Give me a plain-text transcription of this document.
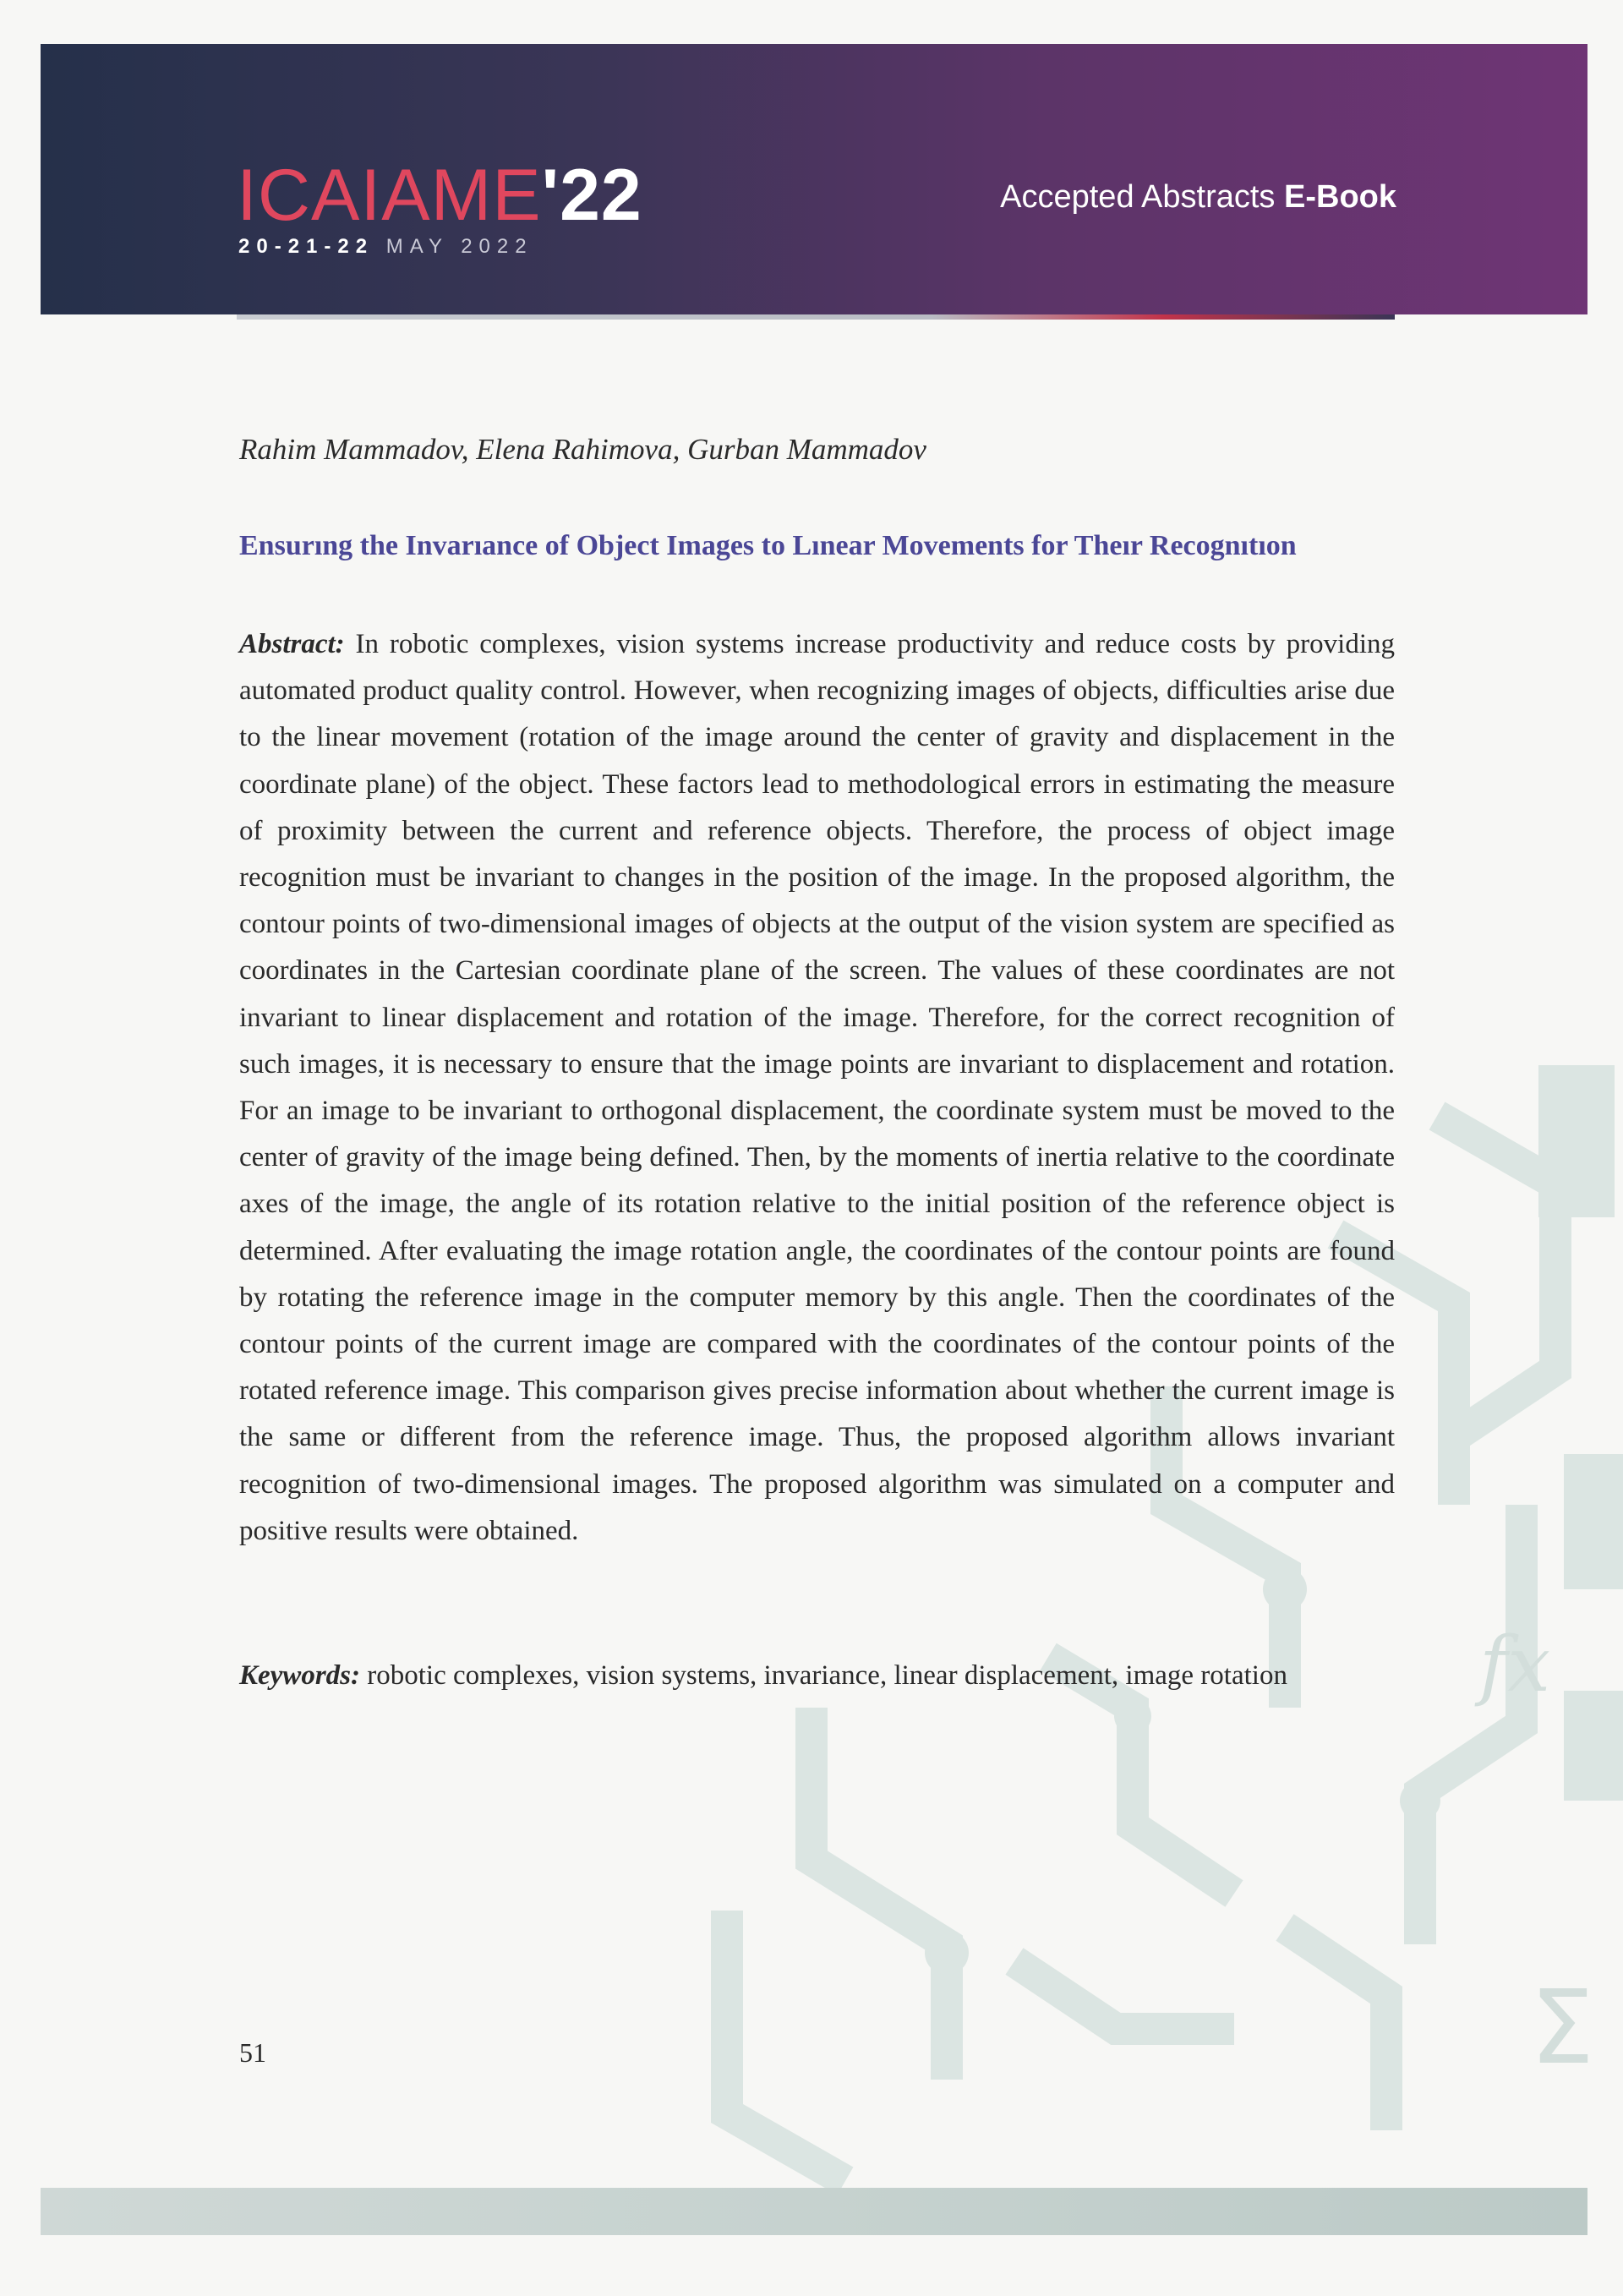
ICAIAME'22
20-21-22 MAY 2022
Accepted Abstracts E-Book
fx
Σ
Rahim Mammadov, Elena Rahimova, Gurban Mammadov
Ensurıng the Invarıance of Object Images to Lınear Movements for Theır Recognıtıon
Abstract: In robotic complexes, vision systems increase productivity and reduce costs by providing automated product quality control. However, when recognizing images of objects, difficulties arise due to the linear movement (rotation of the image around the center of gravity and displacement in the coordinate plane) of the object. These factors lead to methodological errors in estimating the measure of proximity between the current and reference objects. Therefore, the process of object image recognition must be invariant to changes in the position of the image. In the proposed algorithm, the contour points of two-dimensional images of objects at the output of the vision system are specified as coordinates in the Cartesian coordinate plane of the screen. The values of these coordinates are not invariant to linear displacement and rotation of the image. Therefore, for the correct recognition of such images, it is necessary to ensure that the image points are invariant to displacement and rotation. For an image to be invariant to orthogonal displacement, the coordinate system must be moved to the center of gravity of the image being defined. Then, by the moments of inertia relative to the coordinate axes of the image, the angle of its rotation relative to the initial position of the reference object is determined. After evaluating the image rotation angle, the coordinates of the contour points are found by rotating the reference image in the computer memory by this angle. Then the coordinates of the contour points of the current image are compared with the coordinates of the contour points of the rotated reference image. This comparison gives precise information about whether the current image is the same or different from the reference image. Thus, the proposed algorithm allows invariant recognition of two-dimensional images. The proposed algorithm was simulated on a computer and positive results were obtained.
Keywords: robotic complexes, vision systems, invariance, linear displacement, image rotation
51
